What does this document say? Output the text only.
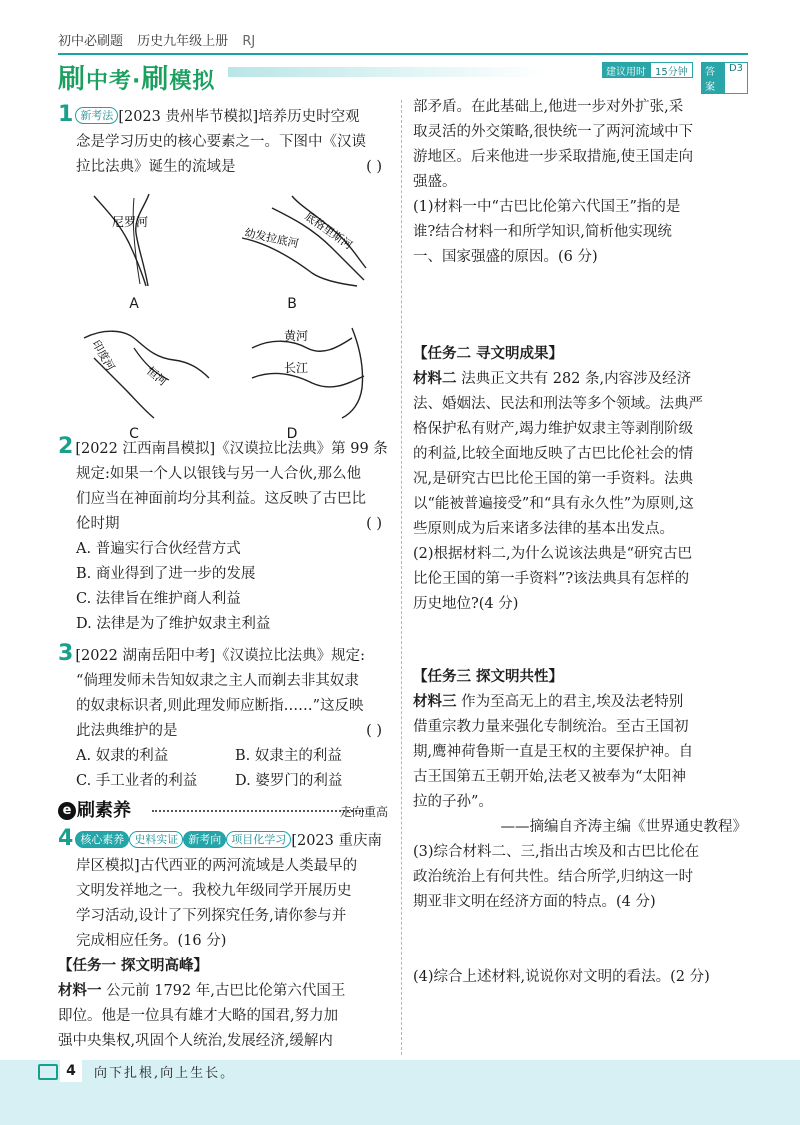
初中必刷题 历史九年级上册 RJ
刷中考·刷模拟	建议用时 15分钟	答案
D3
1 新考法 [2023 贵州毕节模拟]培养历史时空观
念是学习历史的核心要素之一。下图中《汉谟
拉比法典》诞生的流域是	( )
尼罗河
A
底格里斯河
幼发拉底河
B
印度河
恒河
C
黄河
长江
D
2 [2022 江西南昌模拟]《汉谟拉比法典》第 99 条
规定:如果一个人以银钱与另一人合伙,那么他
们应当在神面前均分其利益。这反映了古巴比
伦时期	( )
A. 普遍实行合伙经营方式
B. 商业得到了进一步的发展
C. 法律旨在维护商人利益
D. 法律是为了维护奴隶主利益
3 [2022 湖南岳阳中考]《汉谟拉比法典》规定:
“倘理发师未告知奴隶之主人而剃去非其奴隶
的奴隶标识者,则此理发师应断指……”这反映
此法典维护的是	( )
A. 奴隶的利益	B. 奴隶主的利益
C. 手工业者的利益	D. 婆罗门的利益
e 刷素养	走向重高
4 核心素养 史料实证 新考向 项目化学习 [2023 重庆南
岸区模拟]古代西亚的两河流域是人类最早的
文明发祥地之一。我校九年级同学开展历史
学习活动,设计了下列探究任务,请你参与并
完成相应任务。(16 分)
【任务一 探文明高峰】
材料一 公元前 1792 年,古巴比伦第六代国王
即位。他是一位具有雄才大略的国君,努力加
强中央集权,巩固个人统治,发展经济,缓解内
部矛盾。在此基础上,他进一步对外扩张,采
取灵活的外交策略,很快统一了两河流域中下
游地区。后来他进一步采取措施,使王国走向
强盛。
(1)材料一中“古巴比伦第六代国王”指的是
谁?结合材料一和所学知识,简析他实现统
一、国家强盛的原因。(6 分)
【任务二 寻文明成果】
材料二 法典正文共有 282 条,内容涉及经济
法、婚姻法、民法和刑法等多个领域。法典严
格保护私有财产,竭力维护奴隶主等剥削阶级
的利益,比较全面地反映了古巴比伦社会的情
况,是研究古巴比伦王国的第一手资料。法典
以“能被普遍接受”和“具有永久性”为原则,这
些原则成为后来诸多法律的基本出发点。
(2)根据材料二,为什么说该法典是“研究古巴
比伦王国的第一手资料”?该法典具有怎样的
历史地位?(4 分)
【任务三 探文明共性】
材料三 作为至高无上的君主,埃及法老特别
借重宗教力量来强化专制统治。至古王国初
期,鹰神荷鲁斯一直是王权的主要保护神。自
古王国第五王朝开始,法老又被奉为“太阳神
拉的子孙”。
——摘编自齐涛主编《世界通史教程》
(3)综合材料二、三,指出古埃及和古巴比伦在
政治统治上有何共性。结合所学,归纳这一时
期亚非文明在经济方面的特点。(4 分)
(4)综合上述材料,说说你对文明的看法。(2 分)
4	向下扎根,向上生长。
